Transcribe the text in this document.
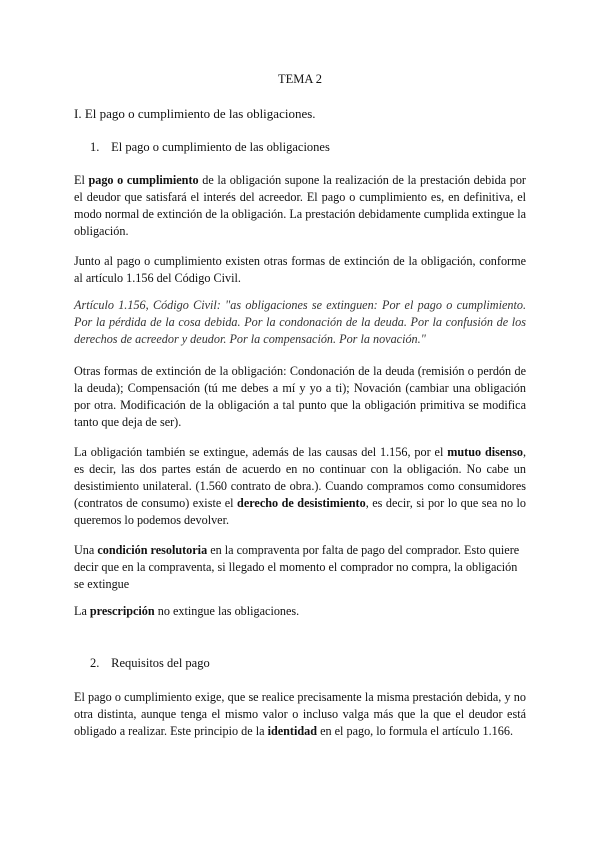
TEMA 2
I. El pago o cumplimiento de las obligaciones.
1. El pago o cumplimiento de las obligaciones

El pago o cumplimiento de la obligación supone la realización de la prestación debida por el deudor que satisfará el interés del acreedor. El pago o cumplimiento es, en definitiva, el modo normal de extinción de la obligación. La prestación debidamente cumplida extingue la obligación.

Junto al pago o cumplimiento existen otras formas de extinción de la obligación, conforme al artículo 1.156 del Código Civil.

Artículo 1.156, Código Civil: "as obligaciones se extinguen: Por el pago o cumplimiento. Por la pérdida de la cosa debida. Por la condonación de la deuda. Por la confusión de los derechos de acreedor y deudor. Por la compensación. Por la novación."

Otras formas de extinción de la obligación: Condonación de la deuda (remisión o perdón de la deuda); Compensación (tú me debes a mí y yo a ti); Novación (cambiar una obligación por otra. Modificación de la obligación a tal punto que la obligación primitiva se modifica tanto que deja de ser).

La obligación también se extingue, además de las causas del 1.156, por el mutuo disenso, es decir, las dos partes están de acuerdo en no continuar con la obligación. No cabe un desistimiento unilateral. (1.560 contrato de obra.). Cuando compramos como consumidores (contratos de consumo) existe el derecho de desistimiento, es decir, si por lo que sea no lo queremos lo podemos devolver.

Una condición resolutoria en la compraventa por falta de pago del comprador. Esto quiere decir que en la compraventa, si llegado el momento el comprador no compra, la obligación se extingue

La prescripción no extingue las obligaciones.

2. Requisitos del pago

El pago o cumplimiento exige, que se realice precisamente la misma prestación debida, y no otra distinta, aunque tenga el mismo valor o incluso valga más que la que el deudor está obligado a realizar. Este principio de la identidad en el pago, lo formula el artículo 1.166.
